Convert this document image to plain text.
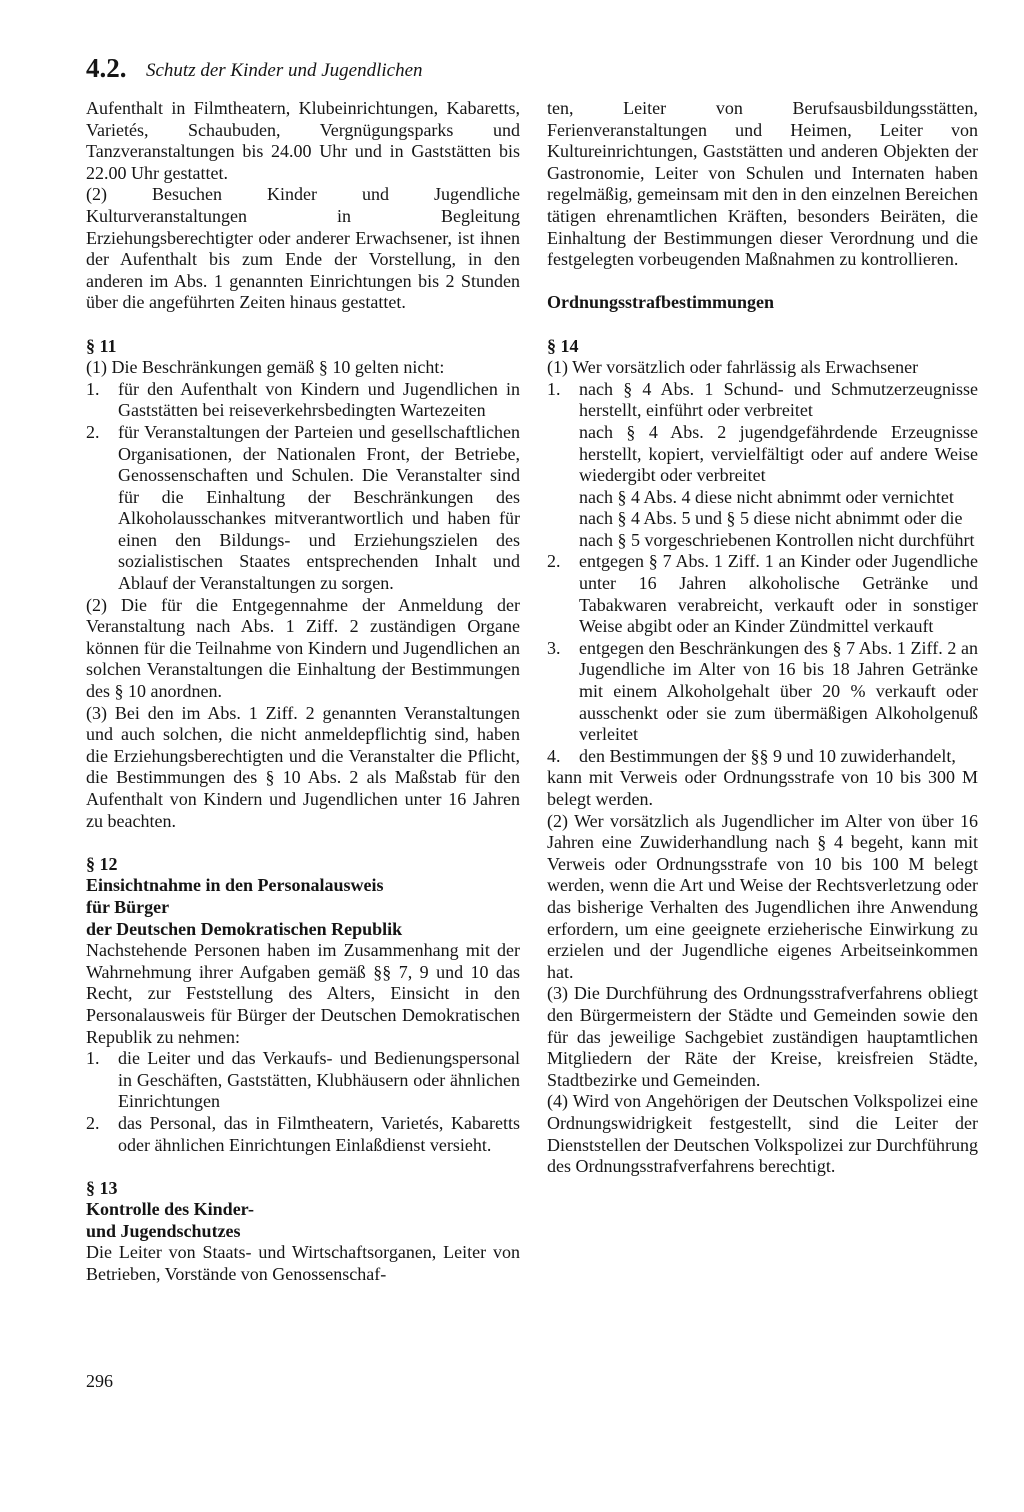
4.2. Schutz der Kinder und Jugendlichen

Aufenthalt in Filmtheatern, Klubeinrichtungen, Kabaretts, Varietés, Schaubuden, Vergnügungsparks und Tanzveranstaltungen bis 24.00 Uhr und in Gaststätten bis 22.00 Uhr gestattet.

(2) Besuchen Kinder und Jugendliche Kulturveranstaltungen in Begleitung Erziehungsberechtigter oder anderer Erwachsener, ist ihnen der Aufenthalt bis zum Ende der Vorstellung, in den anderen im Abs. 1 genannten Einrichtungen bis 2 Stunden über die angeführten Zeiten hinaus gestattet.

§ 11

(1) Die Beschränkungen gemäß § 10 gelten nicht:

1.	für den Aufenthalt von Kindern und Jugendlichen in Gaststätten bei reiseverkehrsbedingten Wartezeiten
2.	für Veranstaltungen der Parteien und gesellschaftlichen Organisationen, der Nationalen Front, der Betriebe, Genossenschaften und Schulen. Die Veranstalter sind für die Einhaltung der Beschränkungen des Alkoholausschankes mitverantwortlich und haben für einen den Bildungs- und Erziehungszielen des sozialistischen Staates entsprechenden Inhalt und Ablauf der Veranstaltungen zu sorgen.

(2) Die für die Entgegennahme der Anmeldung der Veranstaltung nach Abs. 1 Ziff. 2 zuständigen Organe können für die Teilnahme von Kindern und Jugendlichen an solchen Veranstaltungen die Einhaltung der Bestimmungen des § 10 anordnen.

(3) Bei den im Abs. 1 Ziff. 2 genannten Veranstaltungen und auch solchen, die nicht anmeldepflichtig sind, haben die Erziehungsberechtigten und die Veranstalter die Pflicht, die Bestimmungen des § 10 Abs. 2 als Maßstab für den Aufenthalt von Kindern und Jugendlichen unter 16 Jahren zu beachten.

§ 12

Einsichtnahme in den Personalausweis

für Bürger

der Deutschen Demokratischen Republik

Nachstehende Personen haben im Zusammenhang mit der Wahrnehmung ihrer Aufgaben gemäß §§ 7, 9 und 10 das Recht, zur Feststellung des Alters, Einsicht in den Personalausweis für Bürger der Deutschen Demokratischen Republik zu nehmen:

1.	die Leiter und das Verkaufs- und Bedienungspersonal in Geschäften, Gaststätten, Klubhäusern oder ähnlichen Einrichtungen
2.	das Personal, das in Filmtheatern, Varietés, Kabaretts oder ähnlichen Einrichtungen Einlaßdienst versieht.

§ 13

Kontrolle des Kinder-

und Jugendschutzes

Die Leiter von Staats- und Wirtschaftsorganen, Leiter von Betrieben, Vorstände von Genossenschaf-

ten, Leiter von Berufsausbildungsstätten, Ferienveranstaltungen und Heimen, Leiter von Kultureinrichtungen, Gaststätten und anderen Objekten der Gastronomie, Leiter von Schulen und Internaten haben regelmäßig, gemeinsam mit den in den einzelnen Bereichen tätigen ehrenamtlichen Kräften, besonders Beiräten, die Einhaltung der Bestimmungen dieser Verordnung und die festgelegten vorbeugenden Maßnahmen zu kontrollieren.

Ordnungsstrafbestimmungen

§ 14

(1) Wer vorsätzlich oder fahrlässig als Erwachsener

1.	nach § 4 Abs. 1 Schund- und Schmutzerzeugnisse herstellt, einführt oder verbreitet

nach § 4 Abs. 2 jugendgefährdende Erzeugnisse herstellt, kopiert, vervielfältigt oder auf andere Weise wiedergibt oder verbreitet

nach § 4 Abs. 4 diese nicht abnimmt oder vernichtet

nach § 4 Abs. 5 und § 5 diese nicht abnimmt oder die

nach § 5 vorgeschriebenen Kontrollen nicht durchführt

2.	entgegen § 7 Abs. 1 Ziff. 1 an Kinder oder Jugendliche unter 16 Jahren alkoholische Getränke und Tabakwaren verabreicht, verkauft oder in sonstiger Weise abgibt oder an Kinder Zündmittel verkauft
3.	entgegen den Beschränkungen des § 7 Abs. 1 Ziff. 2 an Jugendliche im Alter von 16 bis 18 Jahren Getränke mit einem Alkoholgehalt über 20 % verkauft oder ausschenkt oder sie zum übermäßigen Alkoholgenuß verleitet
4.	den Bestimmungen der §§ 9 und 10 zuwiderhandelt,

kann mit Verweis oder Ordnungsstrafe von 10 bis 300 M belegt werden.

(2) Wer vorsätzlich als Jugendlicher im Alter von über 16 Jahren eine Zuwiderhandlung nach § 4 begeht, kann mit Verweis oder Ordnungsstrafe von 10 bis 100 M belegt werden, wenn die Art und Weise der Rechtsverletzung oder das bisherige Verhalten des Jugendlichen ihre Anwendung erfordern, um eine geeignete erzieherische Einwirkung zu erzielen und der Jugendliche eigenes Arbeitseinkommen hat.

(3) Die Durchführung des Ordnungsstrafverfahrens obliegt den Bürgermeistern der Städte und Gemeinden sowie den für das jeweilige Sachgebiet zuständigen hauptamtlichen Mitgliedern der Räte der Kreise, kreisfreien Städte, Stadtbezirke und Gemeinden.

(4) Wird von Angehörigen der Deutschen Volkspolizei eine Ordnungswidrigkeit festgestellt, sind die Leiter der Dienststellen der Deutschen Volkspolizei zur Durchführung des Ordnungsstrafverfahrens berechtigt.

296
